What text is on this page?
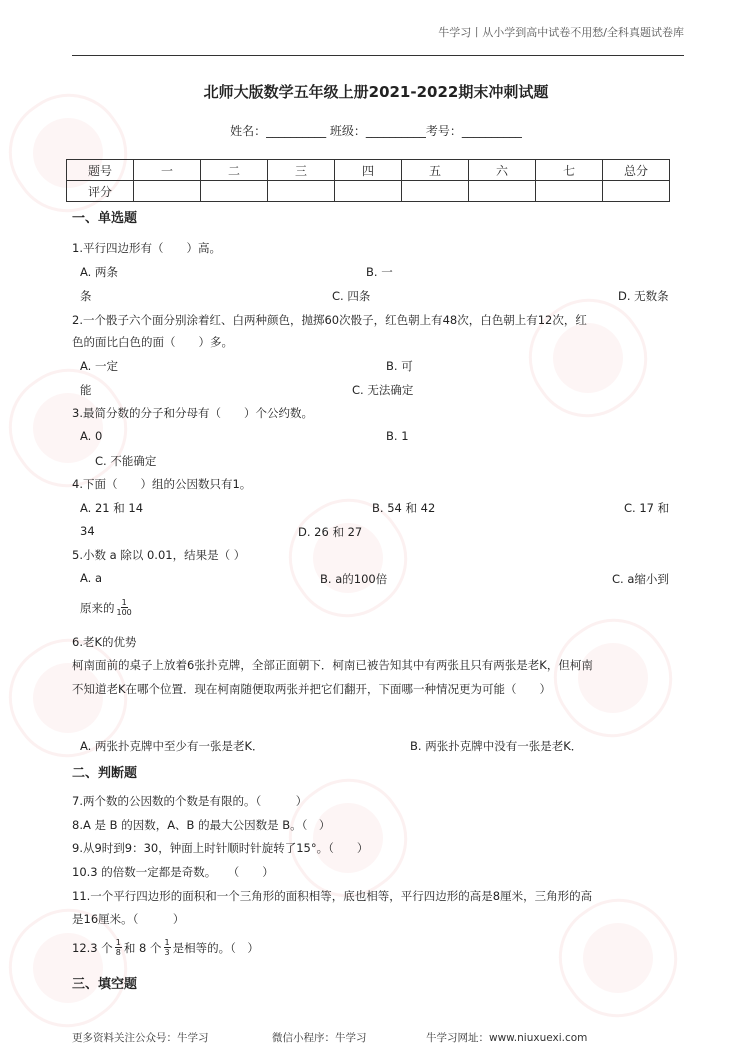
牛学习丨从小学到高中试卷不用愁/全科真题试卷库
北师大版数学五年级上册2021-2022期末冲刺试题
姓名：__________ 班级：__________考号：__________
题号	一	二	三	四	五	六	七	总分
评分								
一、单选题
1.平行四边形有（　　）高。
A. 两条	B. 一
条	C. 四条	D. 无数条
2.一个骰子六个面分别涂着红、白两种颜色，抛掷60次骰子，红色朝上有48次，白色朝上有12次，红
色的面比白色的面（　　）多。
A. 一定	B. 可
能	C. 无法确定
3.最简分数的分子和分母有（　　）个公约数。
A. 0	B. 1
C. 不能确定
4.下面（　　）组的公因数只有1。
A. 21 和 14	B. 54 和 42	C. 17 和
34	D. 26 和 27
5.小数 a 除以 0.01，结果是（ ）
A. a	B. a的100倍	C. a缩小到
原来的 $\frac{1}{100}$
6.老K的优势
柯南面前的桌子上放着6张扑克牌，全部正面朝下．柯南已被告知其中有两张且只有两张是老K，但柯南
不知道老K在哪个位置．现在柯南随便取两张并把它们翻开，下面哪一种情况更为可能（　　）
A. 两张扑克牌中至少有一张是老K．	B. 两张扑克牌中没有一张是老K．
二、判断题
7.两个数的公因数的个数是有限的。（　　　）
8.A 是 B 的因数，A、B 的最大公因数是 B。（　）
9.从9时到9：30，钟面上时针顺时针旋转了15°。（　　）
10.3 的倍数一定都是奇数。　　（　　）
11.一个平行四边形的面积和一个三角形的面积相等，底也相等，平行四边形的高是8厘米，三角形的高
是16厘米。（　　　）
12.3 个 $\frac{1}{8}$ 和 8 个 $\frac{1}{3}$ 是相等的。（　）
三、填空题
更多资料关注公众号：牛学习	微信小程序：牛学习	牛学习网址：www.niuxuexi.com
